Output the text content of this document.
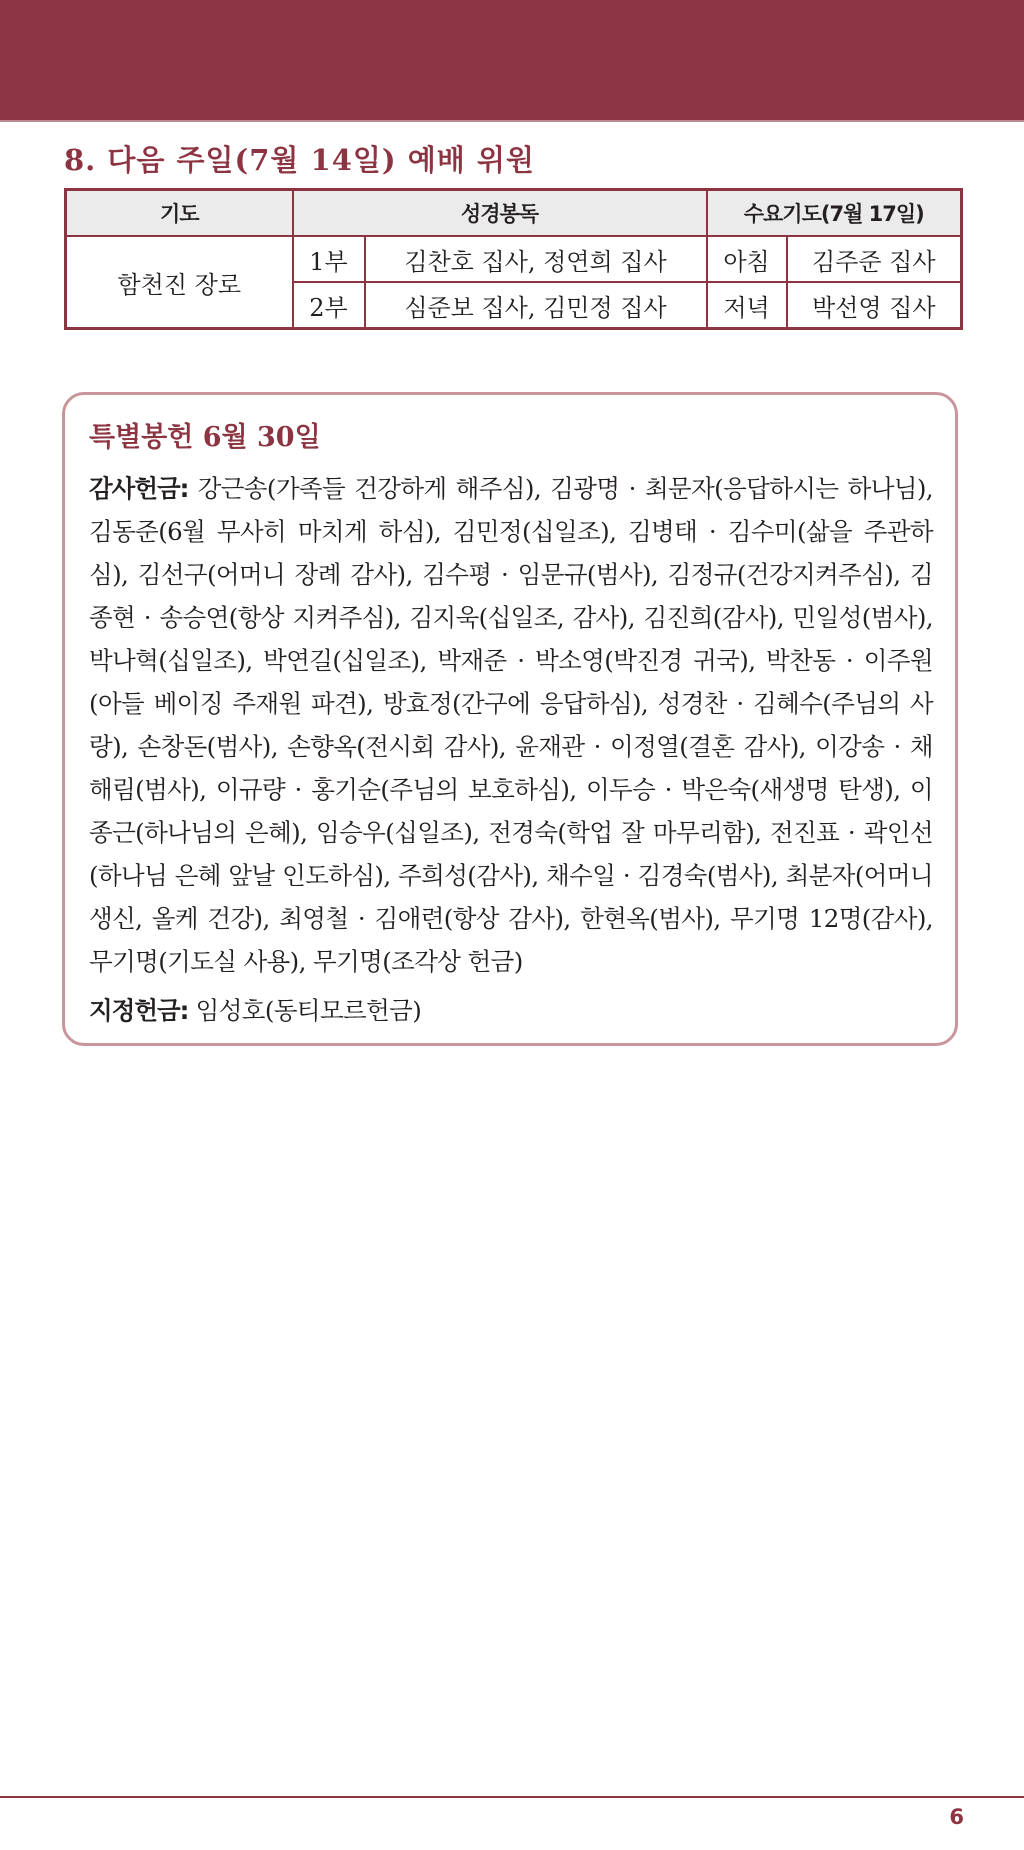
8. 다음 주일(7월 14일) 예배 위원
기도	성경봉독		수요기도(7월 17일)	
함천진 장로	1부	김찬호 집사, 정연희 집사	아침	김주준 집사
	2부	심준보 집사, 김민정 집사	저녁	박선영 집사
특별봉헌 6월 30일
감사헌금: 강근송(가족들 건강하게 해주심), 김광명 · 최문자(응답하시는 하나님), 김동준(6월 무사히 마치게 하심), 김민정(십일조), 김병태 · 김수미(삶을 주관하심), 김선구(어머니 장례 감사), 김수평 · 임문규(범사), 김정규(건강지켜주심), 김종현 · 송승연(항상 지켜주심), 김지욱(십일조, 감사), 김진희(감사), 민일성(범사), 박나혁(십일조), 박연길(십일조), 박재준 · 박소영(박진경 귀국), 박찬동 · 이주원(아들 베이징 주재원 파견), 방효정(간구에 응답하심), 성경찬 · 김혜수(주님의 사랑), 손창돈(범사), 손향옥(전시회 감사), 윤재관 · 이정열(결혼 감사), 이강송 · 채해림(범사), 이규량 · 홍기순(주님의 보호하심), 이두승 · 박은숙(새생명 탄생), 이종근(하나님의 은혜), 임승우(십일조), 전경숙(학업 잘 마무리함), 전진표 · 곽인선(하나님 은혜 앞날 인도하심), 주희성(감사), 채수일 · 김경숙(범사), 최분자(어머니 생신, 올케 건강), 최영철 · 김애련(항상 감사), 한현옥(범사), 무기명 12명(감사), 무기명(기도실 사용), 무기명(조각상 헌금)
지정헌금: 임성호(동티모르헌금)
6
